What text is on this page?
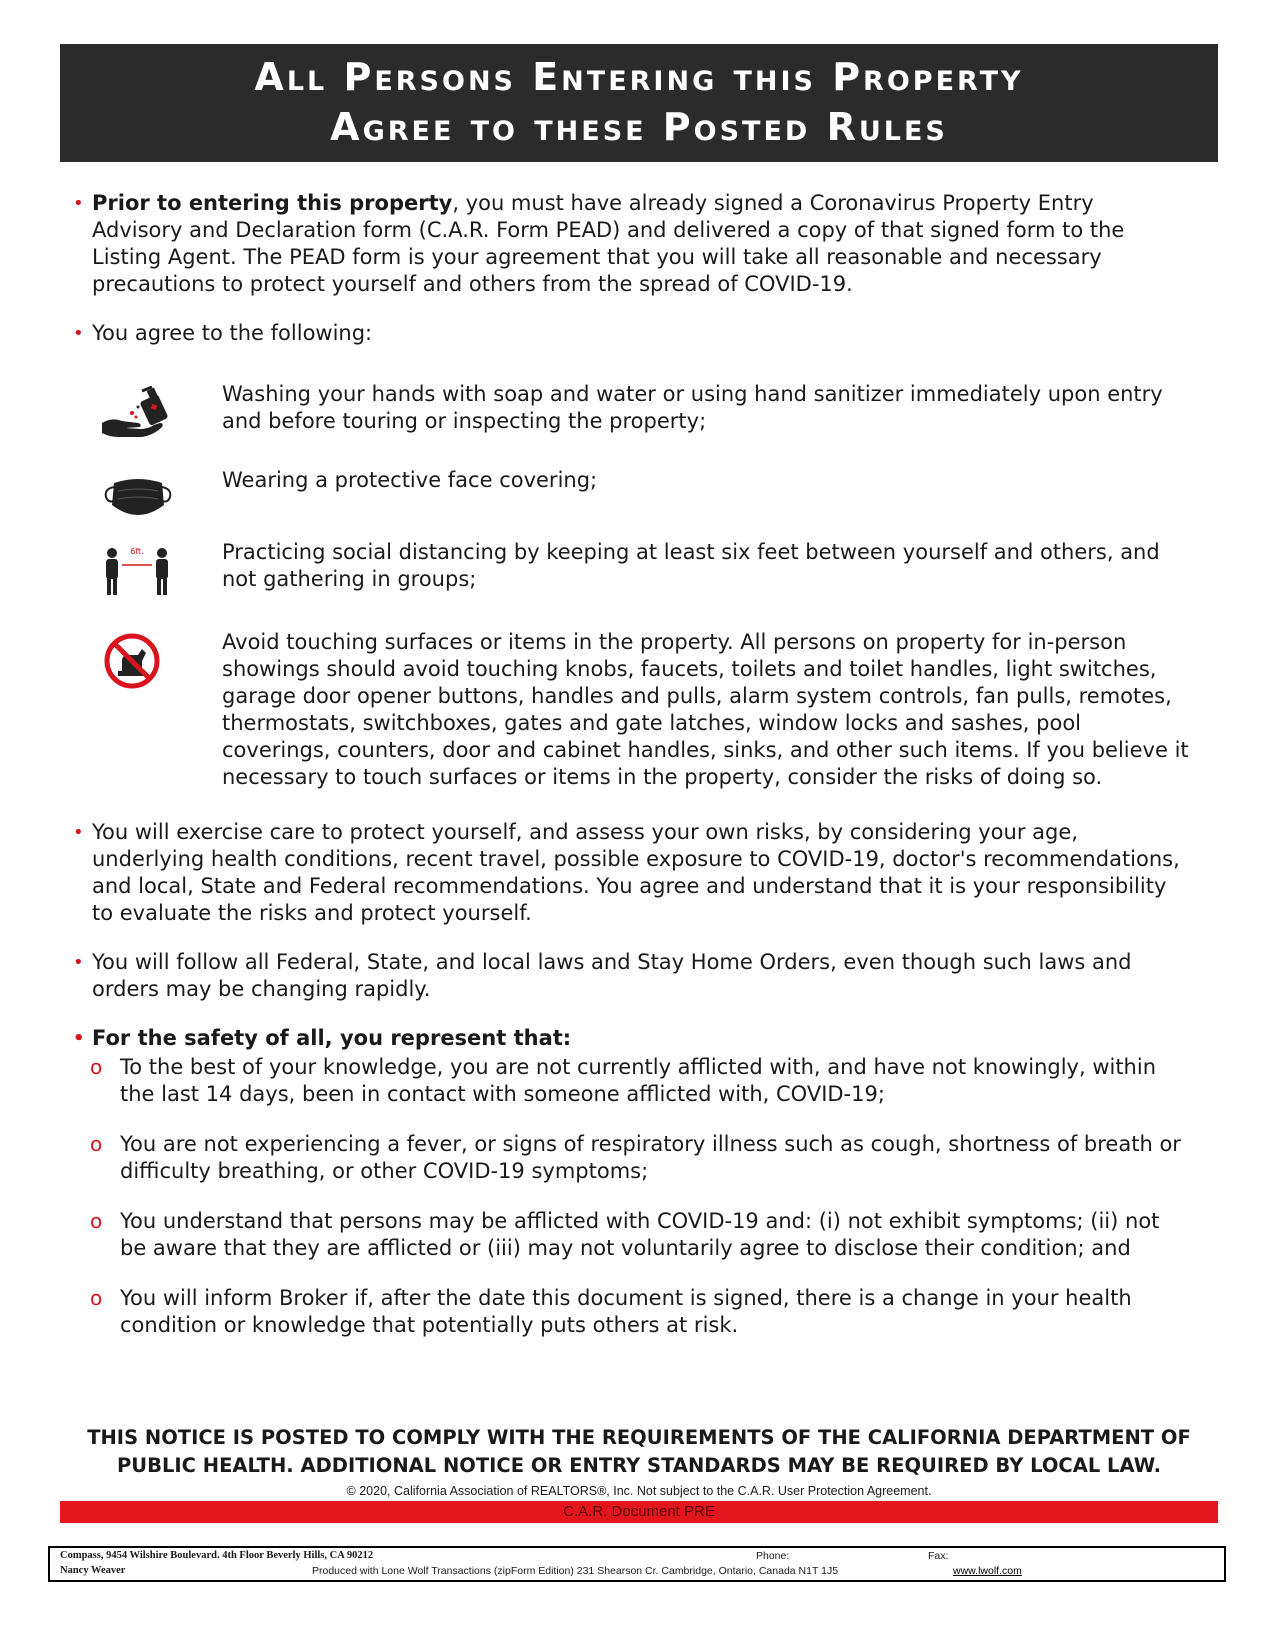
All Persons Entering this Property
Agree to these Posted Rules
• Prior to entering this property, you must have already signed a Coronavirus Property Entry Advisory and Declaration form (C.A.R. Form PEAD) and delivered a copy of that signed form to the Listing Agent. The PEAD form is your agreement that you will take all reasonable and necessary precautions to protect yourself and others from the spread of COVID-19.
• You agree to the following:
Washing your hands with soap and water or using hand sanitizer immediately upon entry and before touring or inspecting the property;
Wearing a protective face covering;
6ft.	Practicing social distancing by keeping at least six feet between yourself and others, and not gathering in groups;
Avoid touching surfaces or items in the property. All persons on property for in-person showings should avoid touching knobs, faucets, toilets and toilet handles, light switches, garage door opener buttons, handles and pulls, alarm system controls, fan pulls, remotes, thermostats, switchboxes, gates and gate latches, window locks and sashes, pool coverings, counters, door and cabinet handles, sinks, and other such items. If you believe it necessary to touch surfaces or items in the property, consider the risks of doing so.
• You will exercise care to protect yourself, and assess your own risks, by considering your age, underlying health conditions, recent travel, possible exposure to COVID-19, doctor's recommendations, and local, State and Federal recommendations. You agree and understand that it is your responsibility to evaluate the risks and protect yourself.
• You will follow all Federal, State, and local laws and Stay Home Orders, even though such laws and orders may be changing rapidly.
• For the safety of all, you represent that:
o To the best of your knowledge, you are not currently afflicted with, and have not knowingly, within the last 14 days, been in contact with someone afflicted with, COVID-19;
o You are not experiencing a fever, or signs of respiratory illness such as cough, shortness of breath or difficulty breathing, or other COVID-19 symptoms;
o You understand that persons may be afflicted with COVID-19 and: (i) not exhibit symptoms; (ii) not be aware that they are afflicted or (iii) may not voluntarily agree to disclose their condition; and
o You will inform Broker if, after the date this document is signed, there is a change in your health condition or knowledge that potentially puts others at risk.
THIS NOTICE IS POSTED TO COMPLY WITH THE REQUIREMENTS OF THE CALIFORNIA DEPARTMENT OF
PUBLIC HEALTH. ADDITIONAL NOTICE OR ENTRY STANDARDS MAY BE REQUIRED BY LOCAL LAW.
© 2020, California Association of REALTORS®, Inc. Not subject to the C.A.R. User Protection Agreement.
C.A.R. Document PRE
Compass, 9454 Wilshire Boulevard. 4th Floor Beverly Hills, CA 90212	Phone:	Fax:
Nancy Weaver	Produced with Lone Wolf Transactions (zipForm Edition) 231 Shearson Cr. Cambridge, Ontario, Canada N1T 1J5	www.lwolf.com
